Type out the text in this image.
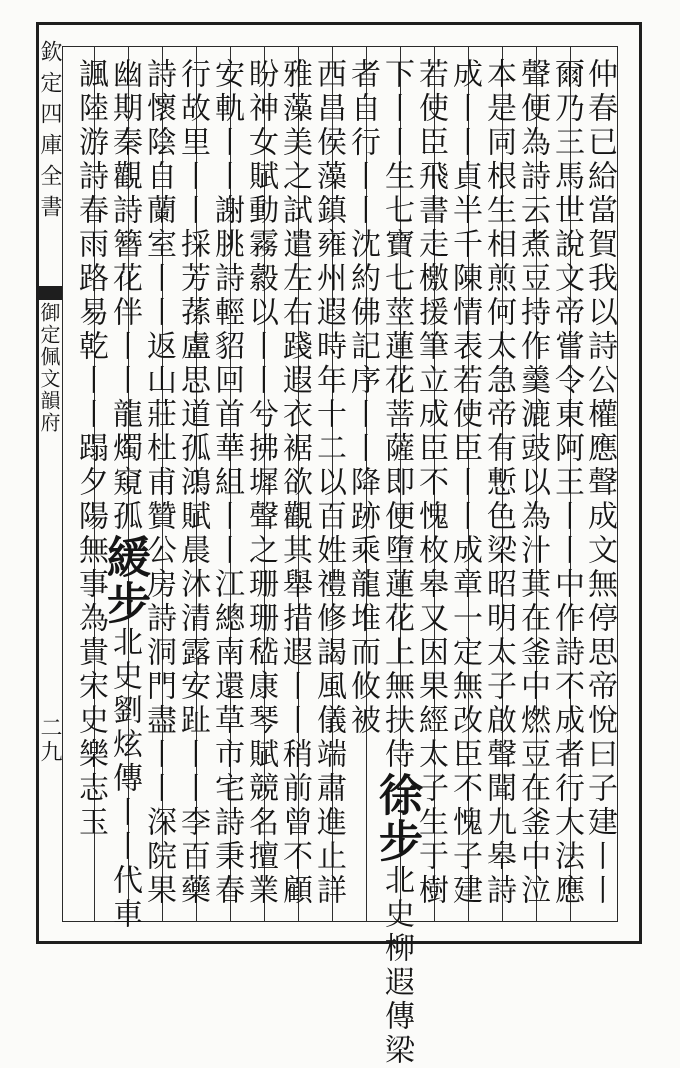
欽定四庫全書
御定佩文韻府
二九	仲春已給當賀我以詩公權應聲成文無停思帝悅曰子建丨丨
爾乃三馬世說文帝嘗令東阿王丨丨中作詩不成者行大法應
聲便為詩云煮豆持作羹漉豉以為汁萁在釜中燃豆在釜中泣
本是同根生相煎何太急帝有慙色梁昭明太子啟聲聞九皋詩
成丨丨貞半千陳情表若使臣丨丨成章一定無改臣不愧子建
若使臣飛書走檄援筆立成臣不愧枚皋又因果經太子生于樹
下丨丨生七寶七莖蓮花菩薩即便墮蓮花上無扶侍徐步北史柳遐傳梁
者自行丨丨沈約佛記序丨丨降跡乘龍堆而攸被
西昌侯藻鎮雍州遐時年十二以百姓禮修謁風儀端肅進止詳
雅藻美之試遣左右踐遐衣裾欲觀其舉措遐丨丨稍前曾不顧
盼神女賦動霧縠以丨丨兮拂墀聲之珊珊嵇康琴賦競名擅業
安軌丨丨謝朓詩輕貂回首華組丨丨江總南還草市宅詩秉春
行故里丨丨採芳蓀盧思道孤鴻賦晨沐清露安趾丨丨李百藥
詩懷陰自蘭室丨丨返山莊杜甫贊公房詩洞門盡丨丨深院果
幽期秦觀詩簪花伴丨丨龍燭窺孤緩步北史劉炫傳丨丨代車
諷陸游詩春雨路易乾丨丨蹋夕陽無事為貴宋史樂志玉
